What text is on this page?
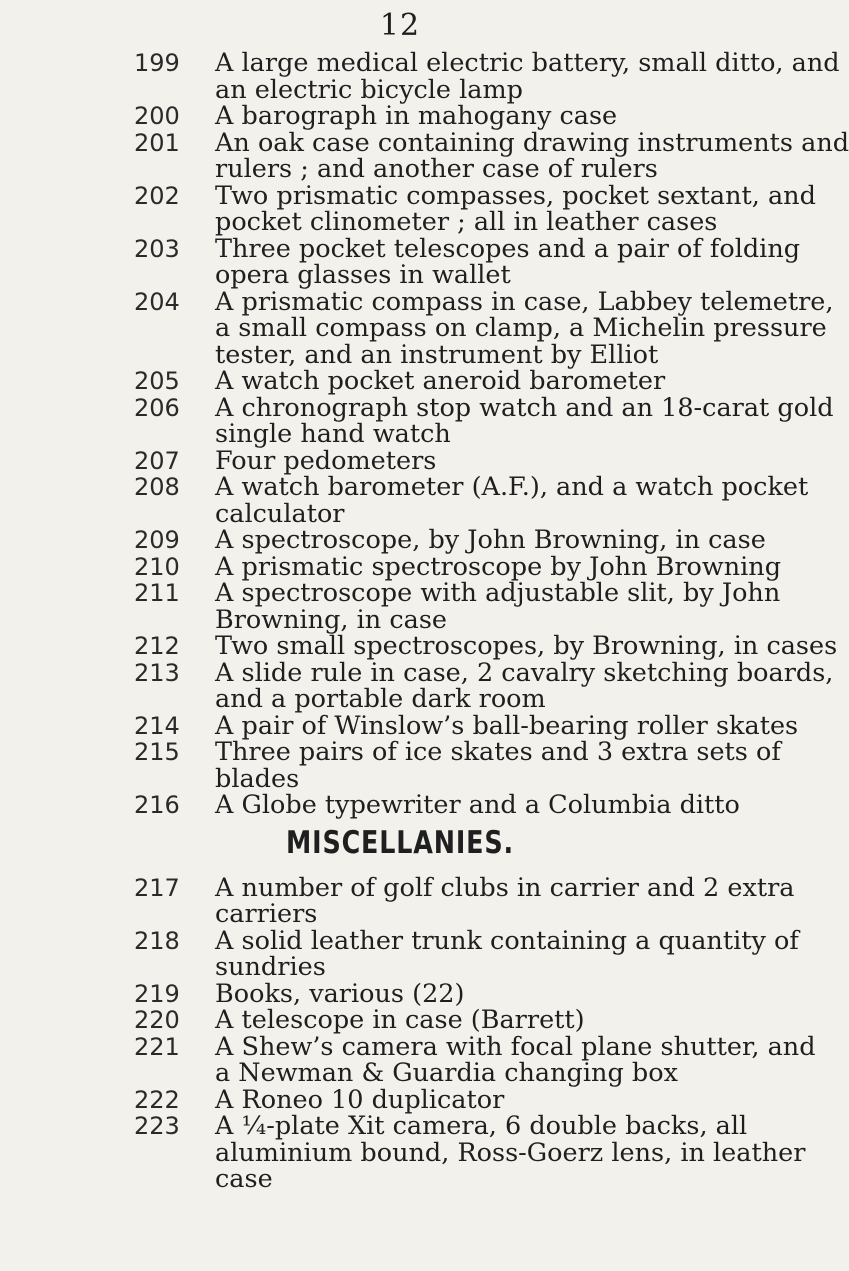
12
199	A large medical electric battery, small ditto, and
an electric bicycle lamp
200	A barograph in mahogany case
201	An oak case containing drawing instruments and
rulers ; and another case of rulers
202	Two prismatic compasses, pocket sextant, and
pocket clinometer ; all in leather cases
203	Three pocket telescopes and a pair of folding
opera glasses in wallet
204	A prismatic compass in case, Labbey telemetre,
a small compass on clamp, a Michelin pressure
tester, and an instrument by Elliot
205	A watch pocket aneroid barometer
206	A chronograph stop watch and an 18-carat gold
single hand watch
207	Four pedometers
208	A watch barometer (A.F.), and a watch pocket
calculator
209	A spectroscope, by John Browning, in case
210	A prismatic spectroscope by John Browning
211	A spectroscope with adjustable slit, by John
Browning, in case
212	Two small spectroscopes, by Browning, in cases
213	A slide rule in case, 2 cavalry sketching boards,
and a portable dark room
214	A pair of Winslow’s ball-bearing roller skates
215	Three pairs of ice skates and 3 extra sets of
blades
216	A Globe typewriter and a Columbia ditto
MISCELLANIES.
217	A number of golf clubs in carrier and 2 extra
carriers
218	A solid leather trunk containing a quantity of
sundries
219	Books, various (22)
220	A telescope in case (Barrett)
221	A Shew’s camera with focal plane shutter, and
a Newman & Guardia changing box
222	A Roneo 10 duplicator
223	A ¼-plate Xit camera, 6 double backs, all
aluminium bound, Ross-Goerz lens, in leather
case
